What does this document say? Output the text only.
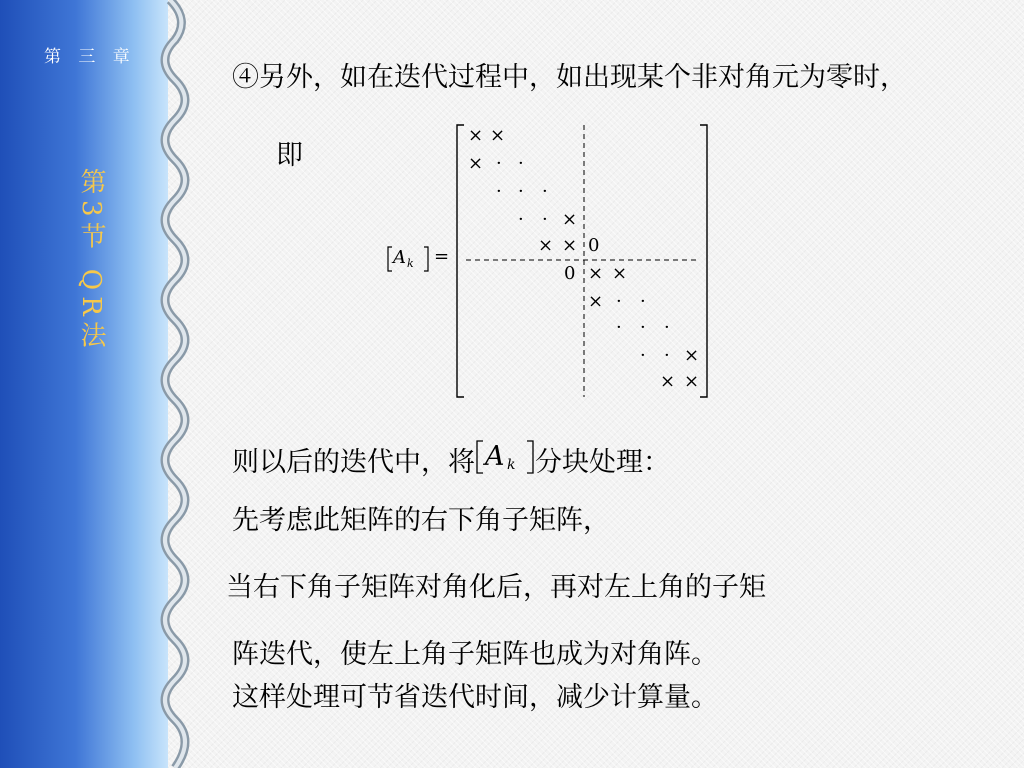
第 三 章
第3节 QR法
④另外，如在迭代过程中，如出现某个非对角元为零时，
即
A k =
× ×
× · ·
· · ·
· · ×
× × 0
0 × ×
× · ·
· · ·
· · ×
× ×
则以后的迭代中，将 A k 分块处理：
先考虑此矩阵的右下角子矩阵，
当右下角子矩阵对角化后，再对左上角的子矩
阵迭代，使左上角子矩阵也成为对角阵。
这样处理可节省迭代时间，减少计算量。
